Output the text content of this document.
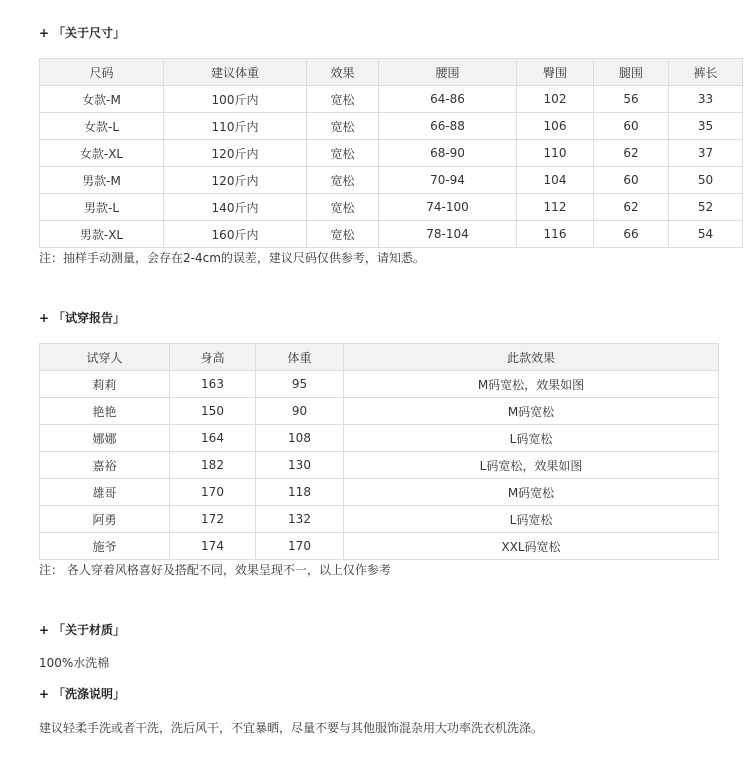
+ 「关于尺寸」
尺码	建议体重	效果	腰围	臀围	腿围	裤长
女款-M	100斤内	宽松	64-86	102	56	33
女款-L	110斤内	宽松	66-88	106	60	35
女款-XL	120斤内	宽松	68-90	110	62	37
男款-M	120斤内	宽松	70-94	104	60	50
男款-L	140斤内	宽松	74-100	112	62	52
男款-XL	160斤内	宽松	78-104	116	66	54
注：抽样手动测量，会存在2-4cm的误差，建议尺码仅供参考，请知悉。
+ 「试穿报告」
试穿人	身高	体重	此款效果
莉莉	163	95	M码宽松，效果如图
艳艳	150	90	M码宽松
娜娜	164	108	L码宽松
嘉裕	182	130	L码宽松，效果如图
雄哥	170	118	M码宽松
阿勇	172	132	L码宽松
施爷	174	170	XXL码宽松
注： 各人穿着风格喜好及搭配不同，效果呈现不一，以上仅作参考
+ 「关于材质」
100%水洗棉
+ 「洗涤说明」
建议轻柔手洗或者干洗，洗后风干，不宜暴晒，尽量不要与其他服饰混杂用大功率洗衣机洗涤。
